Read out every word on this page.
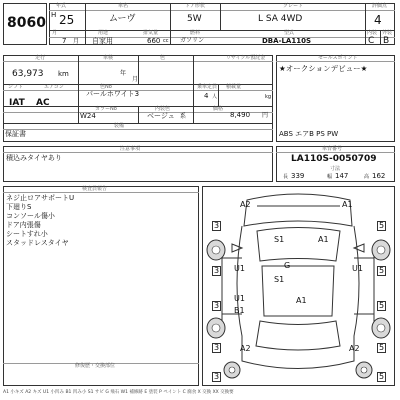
8060
年式	車名	ドア形状	グレード	評価点
H 25	ムーヴ	5W	L SA 4WD	4
月	用途	排気量	燃料	型式	内装 外装
7 月 自家用	660 cc ガソリン	DBA-LA110S	C B
走行	車検	色	リサイクル預託金
63,973 km	年
月
シフト	エアコン	色No	乗車定員 積載量
IAT AC
パールホワイト3	4 人	kg
カラーNo	内装色	価格
W24	ベージュ 系	8,490 円
装備
保証書
セールスポイント
★オークションデビュー★
ABS エアB PS PW
注意事項
積込みタイヤあり
車台番号
LA110S-0050709
寸法
長 339	幅 147	高 162
検査員報告
ネジ止ロアサポートU
下廻りS
コンソール傷小
ドア内張傷
シートすれ小
スタッドレスタイヤ
修復歴・交換部位
A2	A1
S1	A1
U1	G	U1
S1
U1
B1
A1
A2	A2
3	5
3	5
3	5
3	5
3	5
A1 小キズ A2 キズ U1 小凹み B1 凹み小 S1 サビ G 飛石 W1 補修跡 E 塗装 P ペイント C 腐食 X 交換 XX 交換要
